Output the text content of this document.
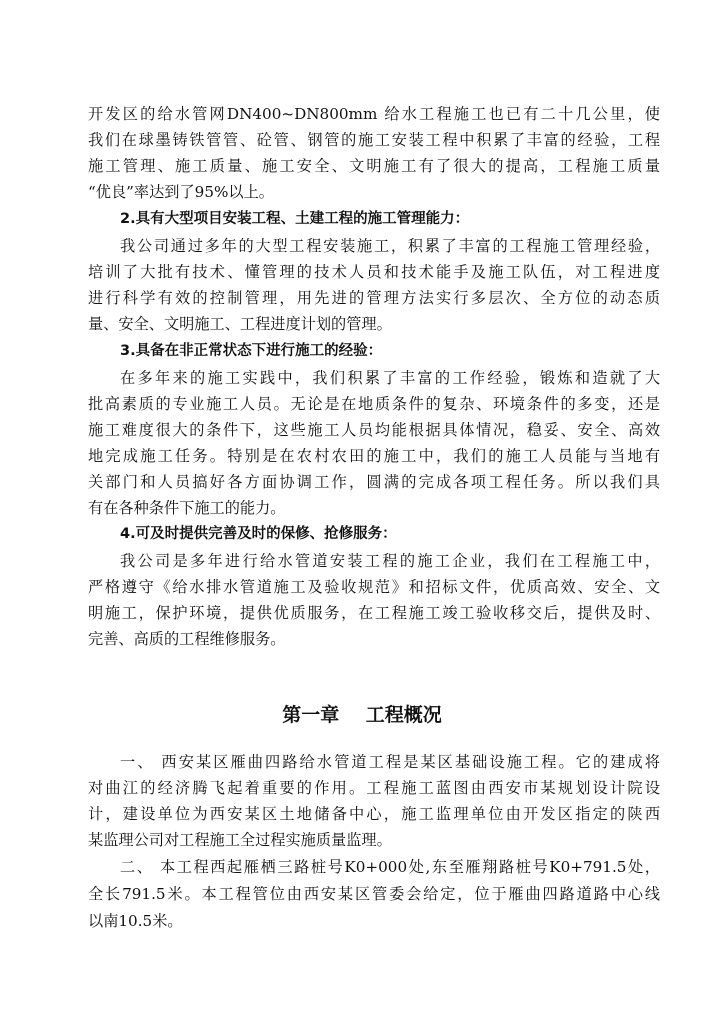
开发区的给水管网DN400~DN800mm 给水工程施工也已有二十几公里，使
我们在球墨铸铁管管、砼管、钢管的施工安装工程中积累了丰富的经验，工程
施工管理、施工质量、施工安全、文明施工有了很大的提高，工程施工质量
“优良”率达到了95%以上。
2.具有大型项目安装工程、土建工程的施工管理能力：
我公司通过多年的大型工程安装施工，积累了丰富的工程施工管理经验，
培训了大批有技术、懂管理的技术人员和技术能手及施工队伍，对工程进度
进行科学有效的控制管理，用先进的管理方法实行多层次、全方位的动态质
量、安全、文明施工、工程进度计划的管理。
3.具备在非正常状态下进行施工的经验：
在多年来的施工实践中，我们积累了丰富的工作经验，锻炼和造就了大
批高素质的专业施工人员。无论是在地质条件的复杂、环境条件的多变，还是
施工难度很大的条件下，这些施工人员均能根据具体情况，稳妥、安全、高效
地完成施工任务。特别是在农村农田的施工中，我们的施工人员能与当地有
关部门和人员搞好各方面协调工作，圆满的完成各项工程任务。所以我们具
有在各种条件下施工的能力。
4.可及时提供完善及时的保修、抢修服务：
我公司是多年进行给水管道安装工程的施工企业，我们在工程施工中，
严格遵守《给水排水管道施工及验收规范》和招标文件，优质高效、安全、文
明施工，保护环境，提供优质服务，在工程施工竣工验收移交后，提供及时、
完善、高质的工程维修服务。
第一章    工程概况
一、 西安某区雁曲四路给水管道工程是某区基础设施工程。它的建成将
对曲江的经济腾飞起着重要的作用。工程施工蓝图由西安市某规划设计院设
计，建设单位为西安某区土地储备中心，施工监理单位由开发区指定的陕西
某监理公司对工程施工全过程实施质量监理。
二、 本工程西起雁栖三路桩号K0+000处,东至雁翔路桩号K0+791.5处，
全长791.5米。本工程管位由西安某区管委会给定，位于雁曲四路道路中心线
以南10.5米。
